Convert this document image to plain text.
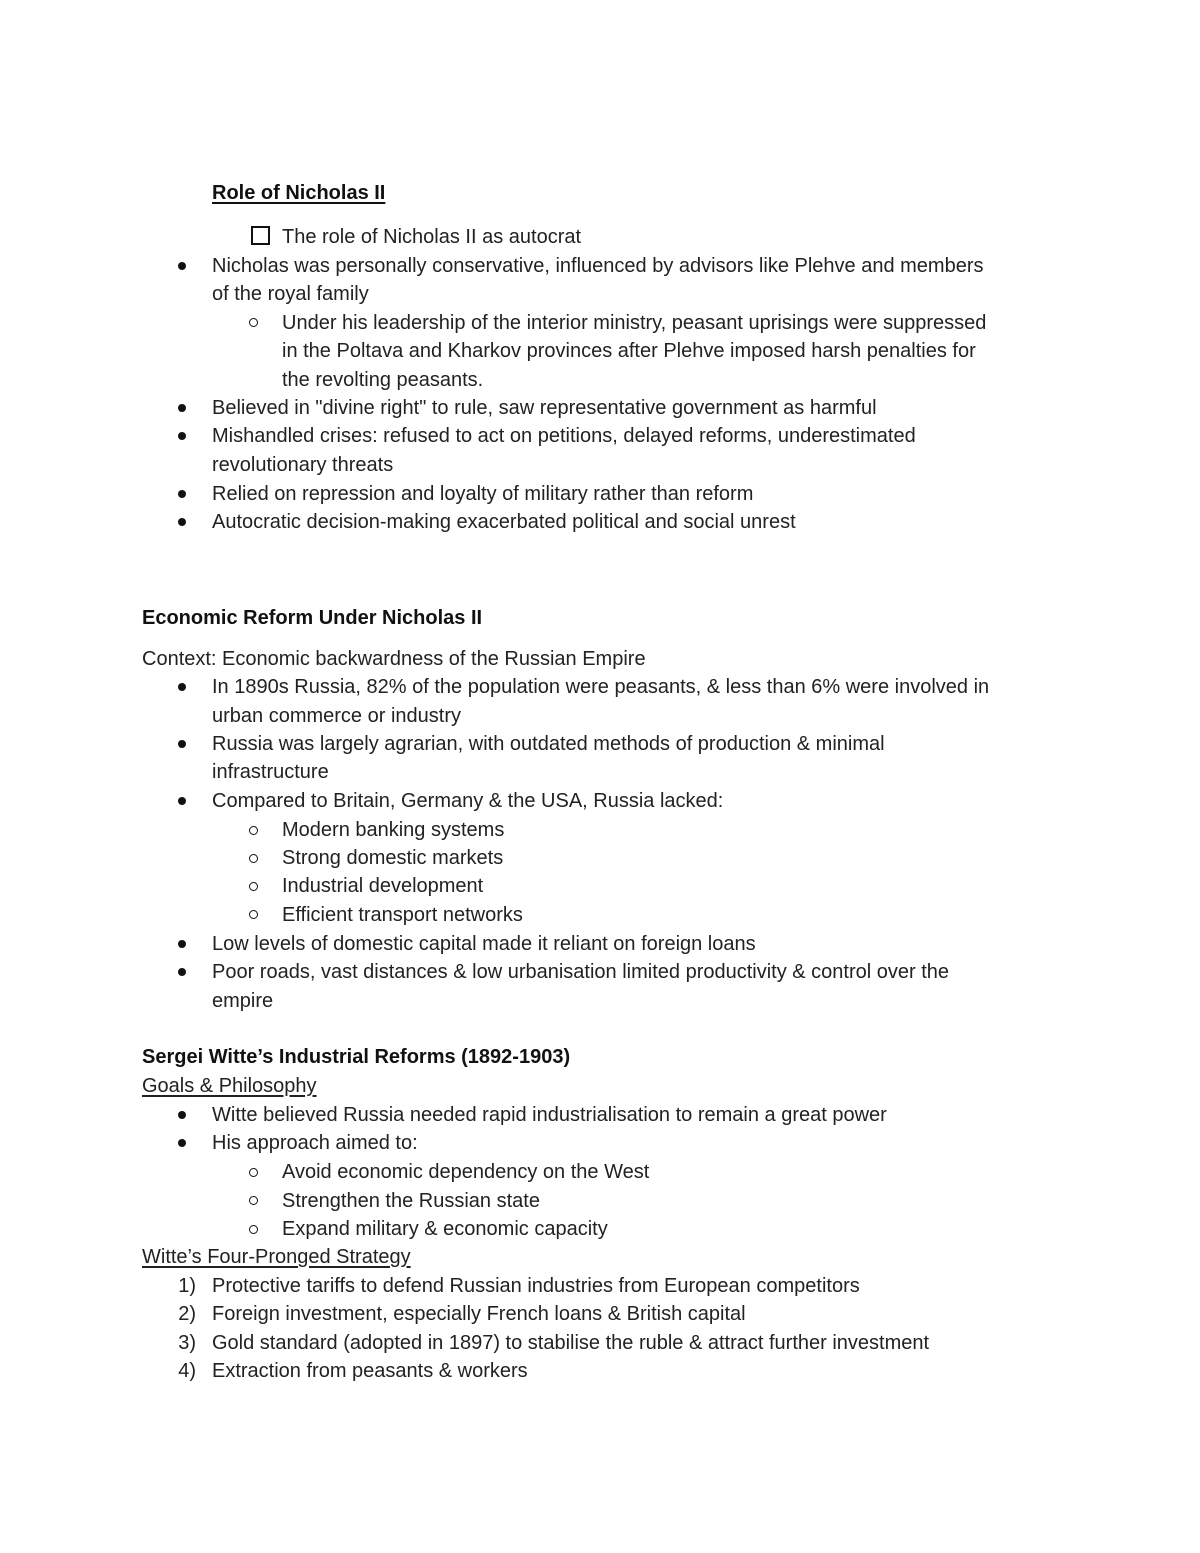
Role of Nicholas II
The role of Nicholas II as autocrat
Nicholas was personally conservative, influenced by advisors like Plehve and members
of the royal family
Under his leadership of the interior ministry, peasant uprisings were suppressed
in the Poltava and Kharkov provinces after Plehve imposed harsh penalties for
the revolting peasants.
Believed in "divine right" to rule, saw representative government as harmful
Mishandled crises: refused to act on petitions, delayed reforms, underestimated
revolutionary threats
Relied on repression and loyalty of military rather than reform
Autocratic decision-making exacerbated political and social unrest
Economic Reform Under Nicholas II
Context: Economic backwardness of the Russian Empire
In 1890s Russia, 82% of the population were peasants, & less than 6% were involved in
urban commerce or industry
Russia was largely agrarian, with outdated methods of production & minimal
infrastructure
Compared to Britain, Germany & the USA, Russia lacked:
Modern banking systems
Strong domestic markets
Industrial development
Efficient transport networks
Low levels of domestic capital made it reliant on foreign loans
Poor roads, vast distances & low urbanisation limited productivity & control over the
empire
Sergei Witte’s Industrial Reforms (1892-1903)
Goals & Philosophy
Witte believed Russia needed rapid industrialisation to remain a great power
His approach aimed to:
Avoid economic dependency on the West
Strengthen the Russian state
Expand military & economic capacity
Witte’s Four-Pronged Strategy
1) Protective tariffs to defend Russian industries from European competitors
2) Foreign investment, especially French loans & British capital
3) Gold standard (adopted in 1897) to stabilise the ruble & attract further investment
4) Extraction from peasants & workers
